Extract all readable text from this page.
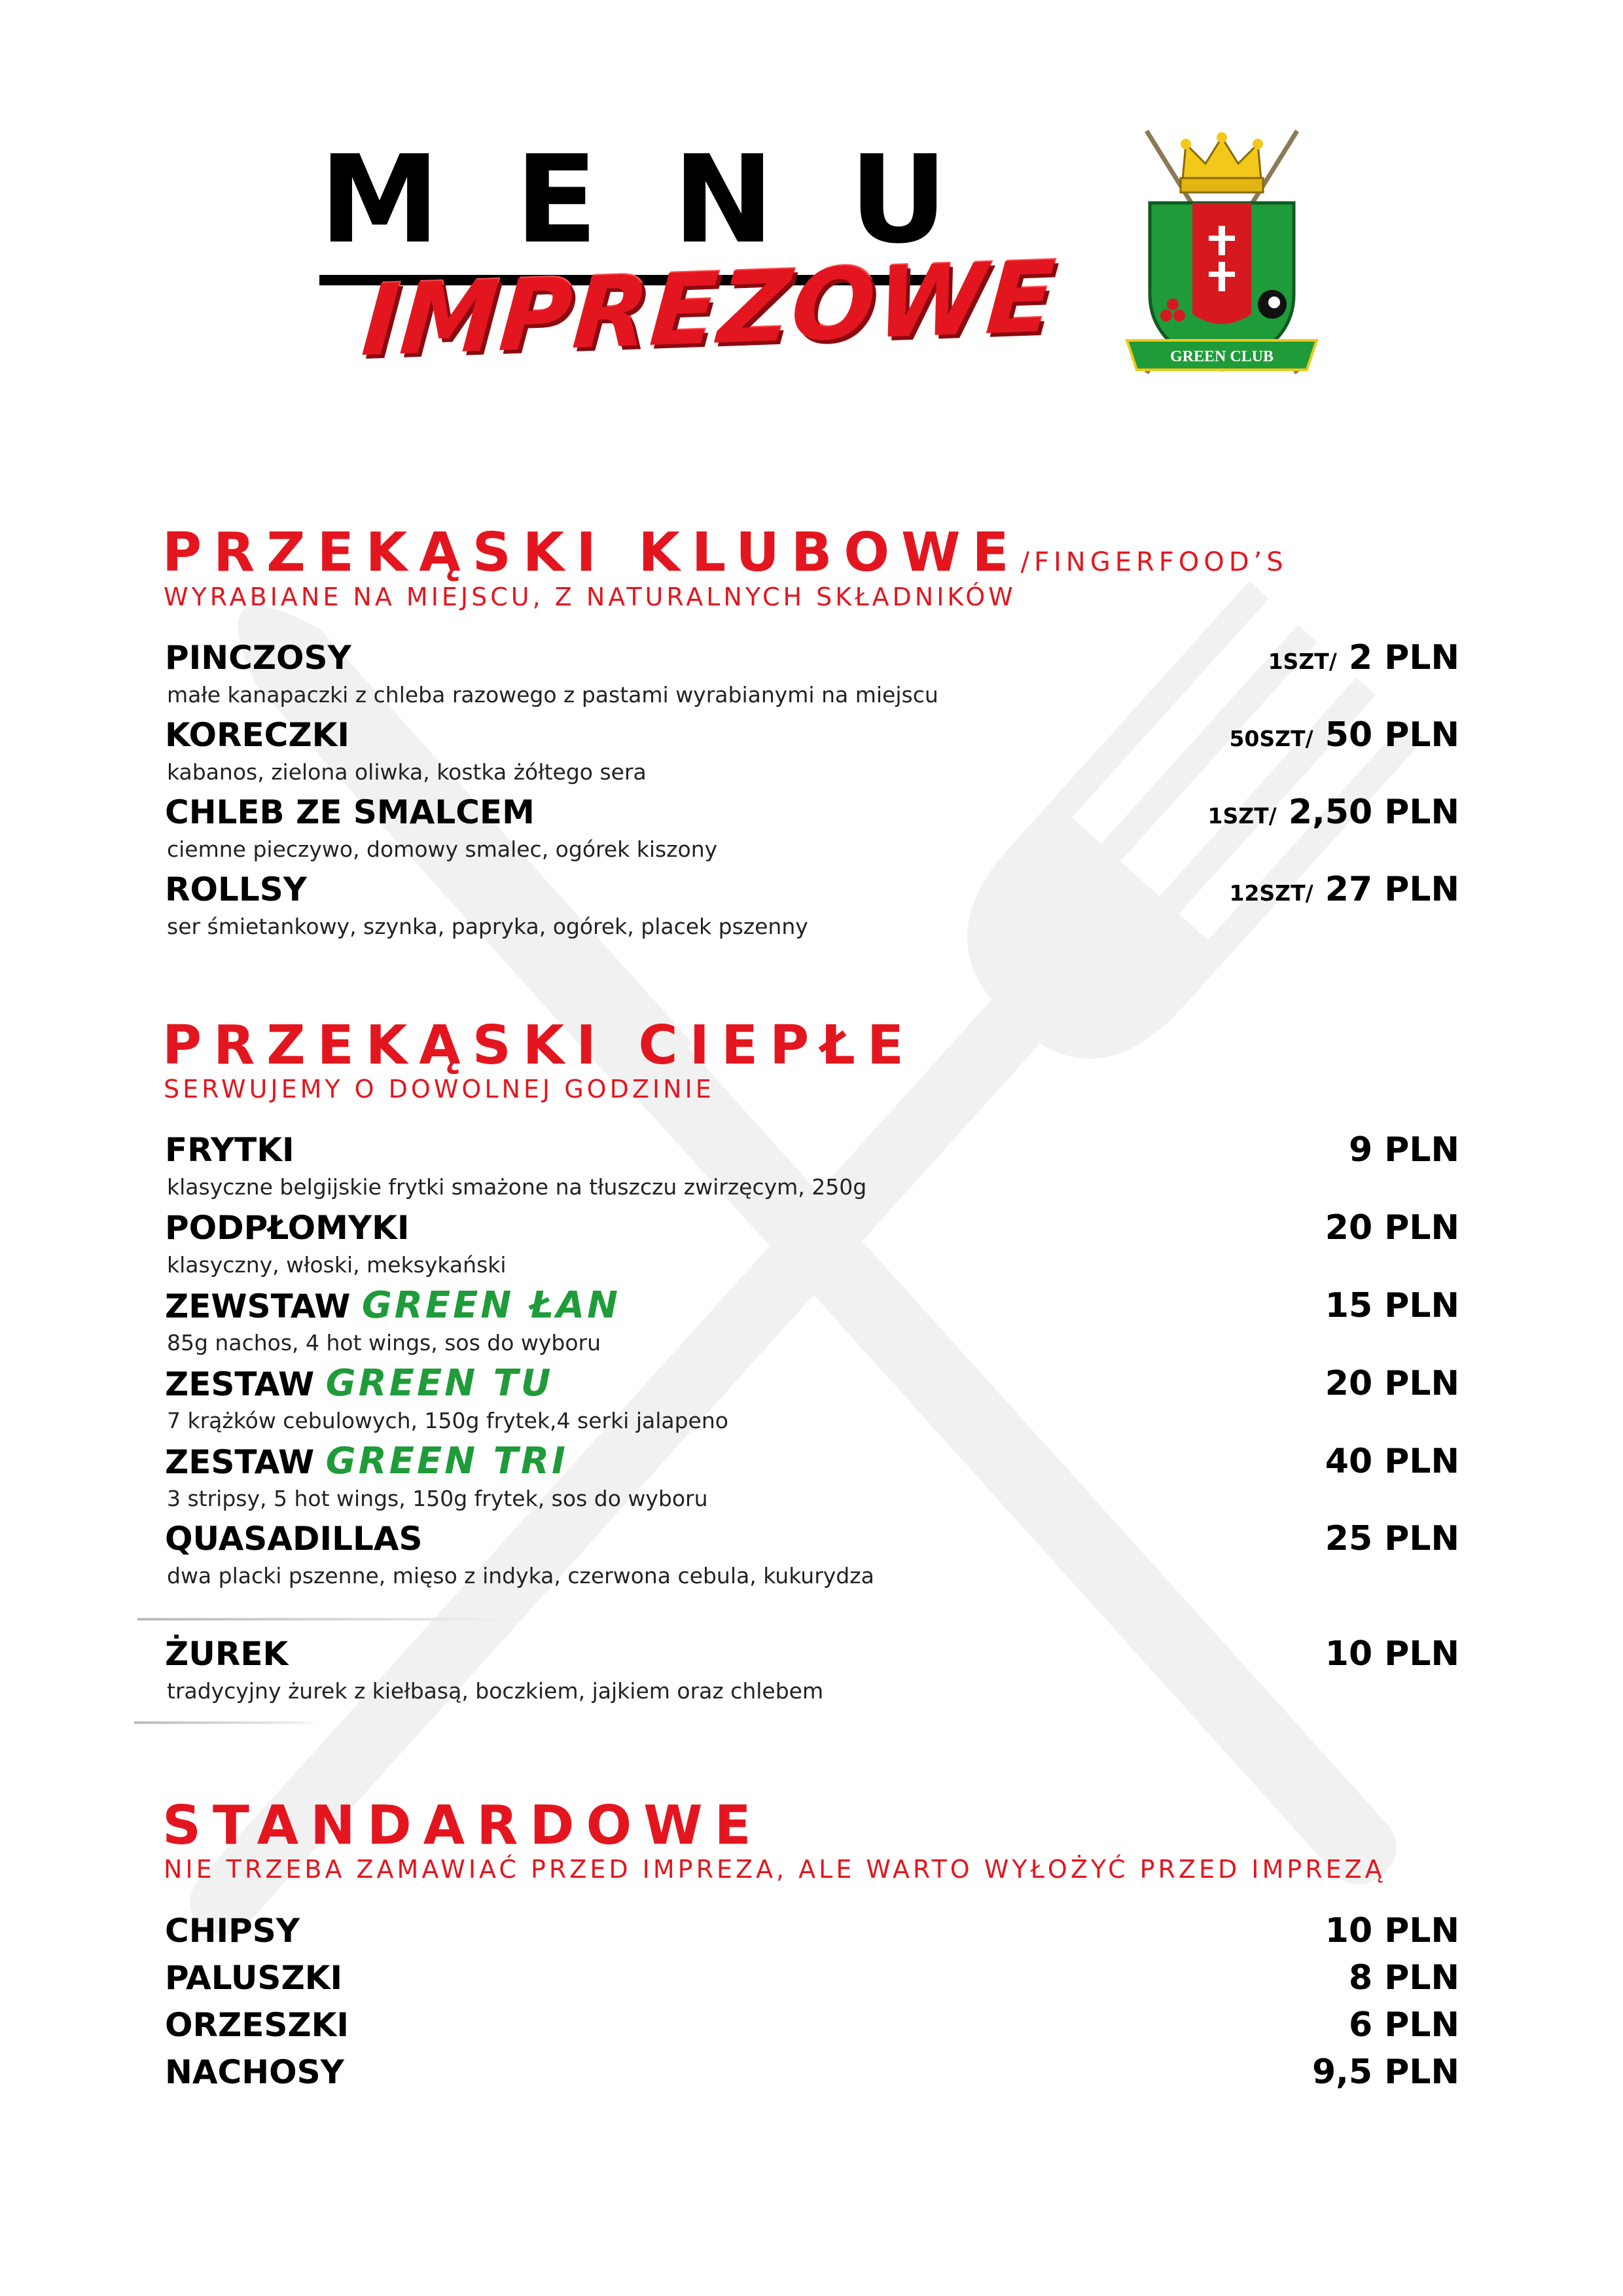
M E N U
IMPREZOWE	GREEN CLUB
PRZEKĄSKI KLUBOWE/FINGERFOOD’S
WYRABIANE NA MIEJSCU, Z NATURALNYCH SKŁADNIKÓW
PINCZOSY
małe kanapaczki z chleba razowego z pastami wyrabianymi na miejscu
1SZT/ 2 PLN
KORECZKI
kabanos, zielona oliwka, kostka żółtego sera
50SZT/ 50 PLN
CHLEB ZE SMALCEM
ciemne pieczywo, domowy smalec, ogórek kiszony
1SZT/ 2,50 PLN
ROLLSY
ser śmietankowy, szynka, papryka, ogórek, placek pszenny
12SZT/ 27 PLN
PRZEKĄSKI CIEPŁE
SERWUJEMY O DOWOLNEJ GODZINIE
FRYTKI
klasyczne belgijskie frytki smażone na tłuszczu zwirzęcym, 250g
9 PLN
PODPŁOMYKI
klasyczny, włoski, meksykański
20 PLN
ZEWSTAW GREEN ŁAN
85g nachos, 4 hot wings, sos do wyboru
15 PLN
ZESTAW GREEN TU
7 krążków cebulowych, 150g frytek,4 serki jalapeno
20 PLN
ZESTAW GREEN TRI
3 stripsy, 5 hot wings, 150g frytek, sos do wyboru
40 PLN
QUASADILLAS
dwa placki pszenne, mięso z indyka, czerwona cebula, kukurydza
25 PLN
ŻUREK
tradycyjny żurek z kiełbasą, boczkiem, jajkiem oraz chlebem
10 PLN
STANDARDOWE
NIE TRZEBA ZAMAWIAĆ PRZED IMPREZA, ALE WARTO WYŁOŻYĆ PRZED IMPREZĄ
CHIPSY	10 PLN
PALUSZKI	8 PLN
ORZESZKI	6 PLN
NACHOSY	9,5 PLN
